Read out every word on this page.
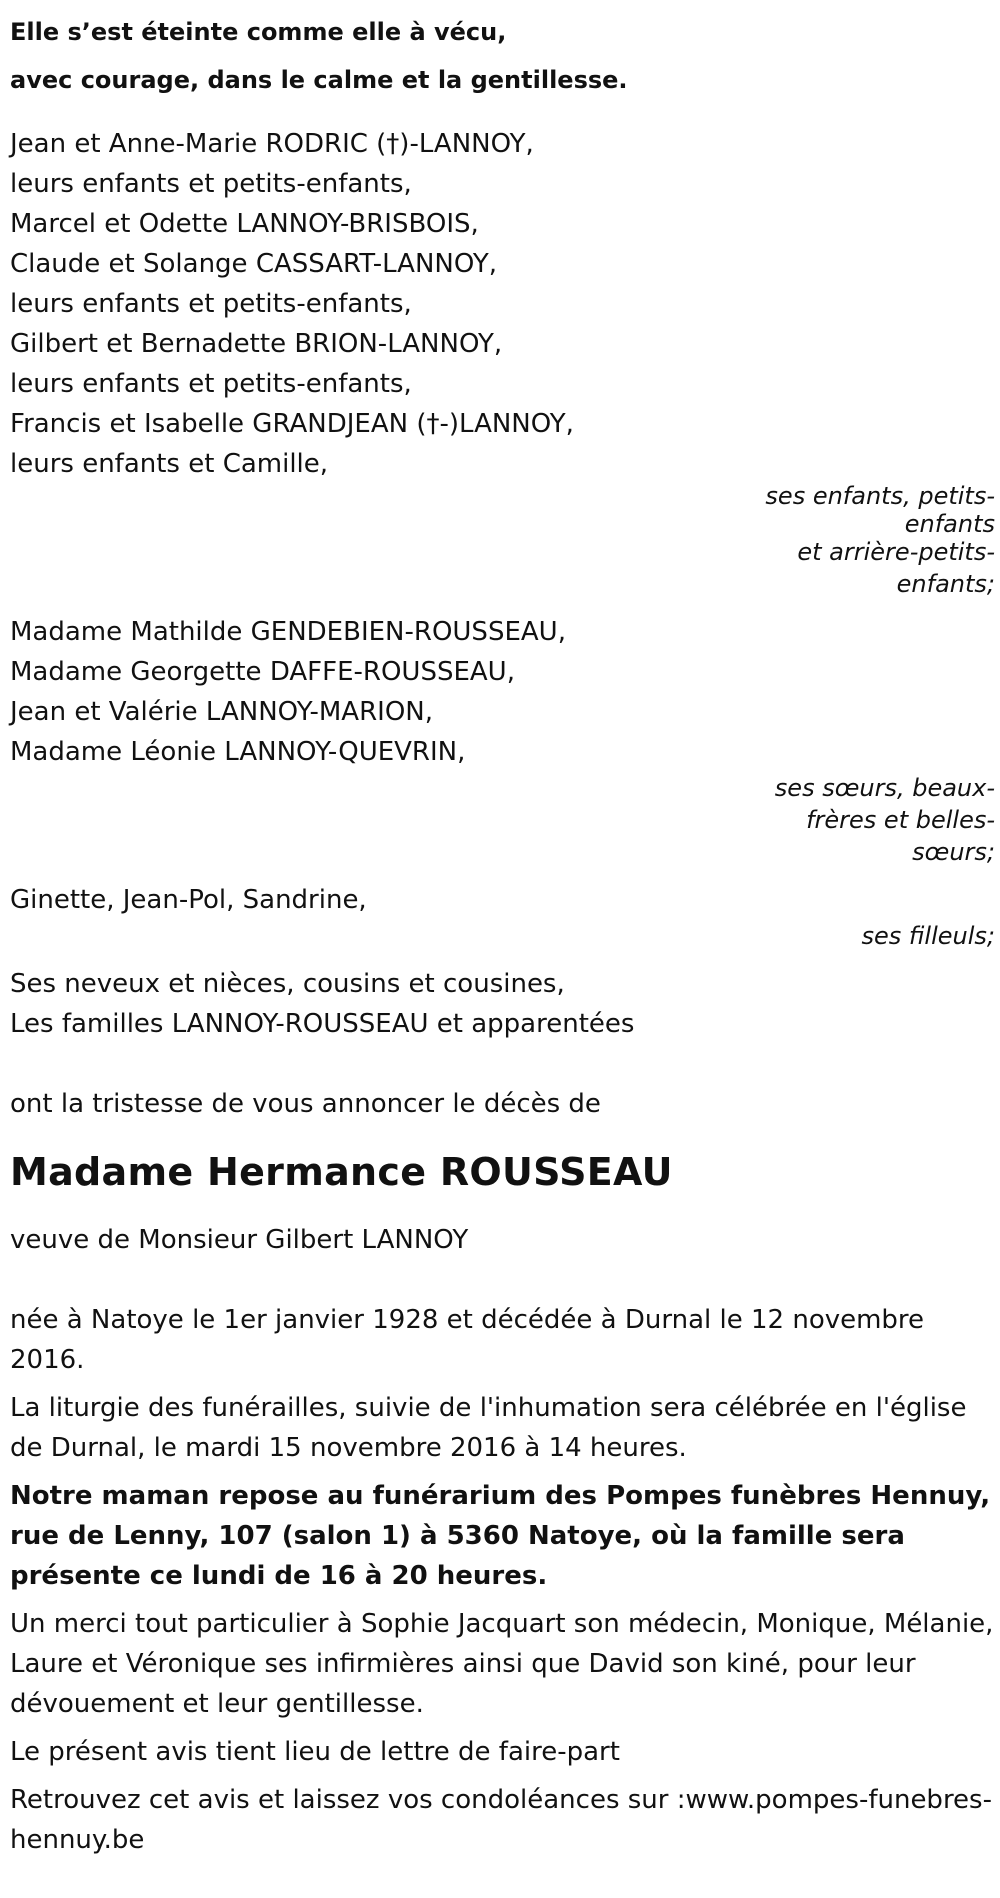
Elle s’est éteinte comme elle à vécu,
avec courage, dans le calme et la gentillesse.
Jean et Anne-Marie RODRIC (†)-LANNOY,
leurs enfants et petits-enfants,
Marcel et Odette LANNOY-BRISBOIS,
Claude et Solange CASSART-LANNOY,
leurs enfants et petits-enfants,
Gilbert et Bernadette BRION-LANNOY,
leurs enfants et petits-enfants,
Francis et Isabelle GRANDJEAN (†-)LANNOY,
leurs enfants et Camille,
ses enfants, petits-
enfants
et arrière-petits-
enfants;
Madame Mathilde GENDEBIEN-ROUSSEAU,
Madame Georgette DAFFE-ROUSSEAU,
Jean et Valérie LANNOY-MARION,
Madame Léonie LANNOY-QUEVRIN,
ses sœurs, beaux-
frères et belles-
sœurs;
Ginette, Jean-Pol, Sandrine,
ses filleuls;
Ses neveux et nièces, cousins et cousines,
Les familles LANNOY-ROUSSEAU et apparentées
ont la tristesse de vous annoncer le décès de
Madame Hermance ROUSSEAU
veuve de Monsieur Gilbert LANNOY
née à Natoye le 1er janvier 1928 et décédée à Durnal le 12 novembre 2016.
La liturgie des funérailles, suivie de l'inhumation sera célébrée en l'église de Durnal, le mardi 15 novembre 2016 à 14 heures.
Notre maman repose au funérarium des Pompes funèbres Hennuy, rue de Lenny, 107 (salon 1) à 5360 Natoye, où la famille sera présente ce lundi de 16 à 20 heures.
Un merci tout particulier à Sophie Jacquart son médecin, Monique, Mélanie, Laure et Véronique ses infirmières ainsi que David son kiné, pour leur dévouement et leur gentillesse.
Le présent avis tient lieu de lettre de faire-part
Retrouvez cet avis et laissez vos condoléances sur :www.pompes-funebres-hennuy.be
